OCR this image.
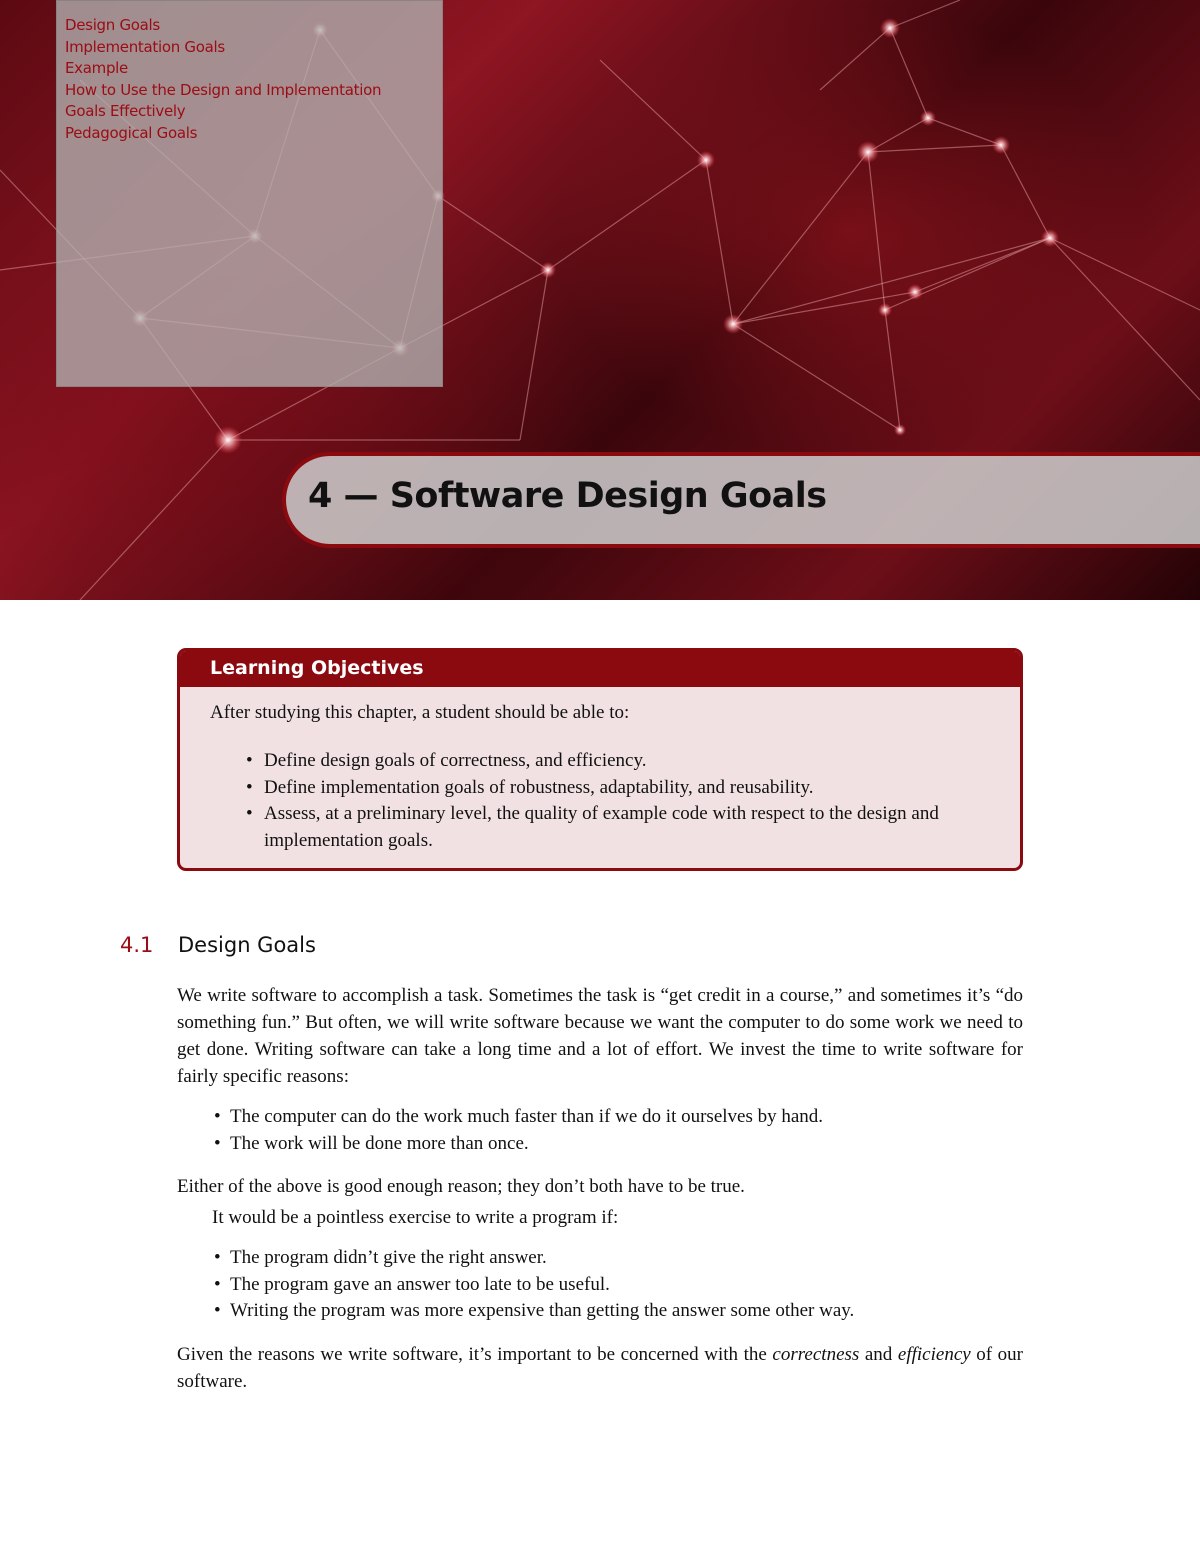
Design Goals
Implementation Goals
Example
How to Use the Design and Implementation
Goals Effectively
Pedagogical Goals
4 — Software Design Goals
Learning Objectives
After studying this chapter, a student should be able to:
• Define design goals of correctness, and efficiency.
• Define implementation goals of robustness, adaptability, and reusability.
• Assess, at a preliminary level, the quality of example code with respect to the design and implementation goals.
4.1 Design Goals

We write software to accomplish a task. Sometimes the task is “get credit in a course,” and sometimes it’s “do something fun.” But often, we will write software because we want the computer to do some work we need to get done. Writing software can take a long time and a lot of effort. We invest the time to write software for fairly specific reasons:

• The computer can do the work much faster than if we do it ourselves by hand.
• The work will be done more than once.

Either of the above is good enough reason; they don’t both have to be true.

It would be a pointless exercise to write a program if:

• The program didn’t give the right answer.
• The program gave an answer too late to be useful.
• Writing the program was more expensive than getting the answer some other way.

Given the reasons we write software, it’s important to be concerned with the correctness and efficiency of our software.
